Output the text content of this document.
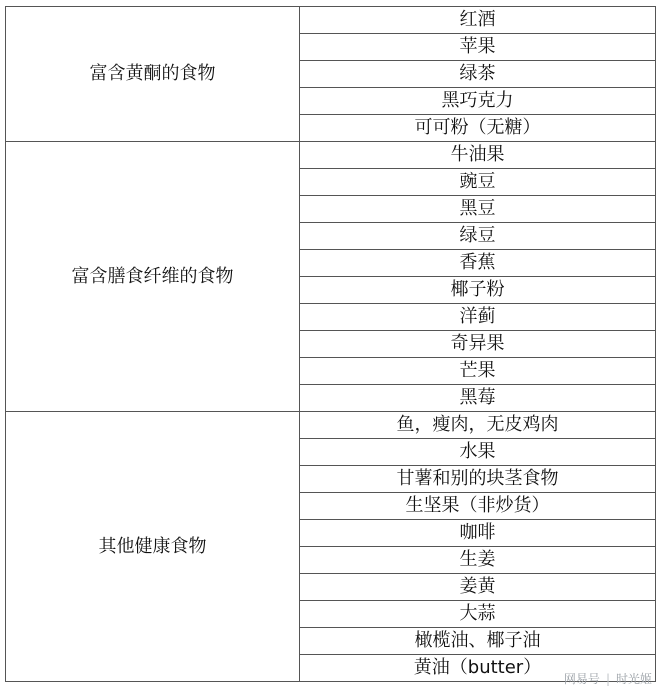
富含黄酮的食物	红酒
	苹果
	绿茶
	黑巧克力
	可可粉（无糖）
富含膳食纤维的食物	牛油果
	豌豆
	黑豆
	绿豆
	香蕉
	椰子粉
	洋蓟
	奇异果
	芒果
	黑莓
其他健康食物	鱼，瘦肉，无皮鸡肉
	水果
	甘薯和别的块茎食物
	生坚果（非炒货）
	咖啡
	生姜
	姜黄
	大蒜
	橄榄油、椰子油
	黄油（butter）
网易号 | 时光姬
